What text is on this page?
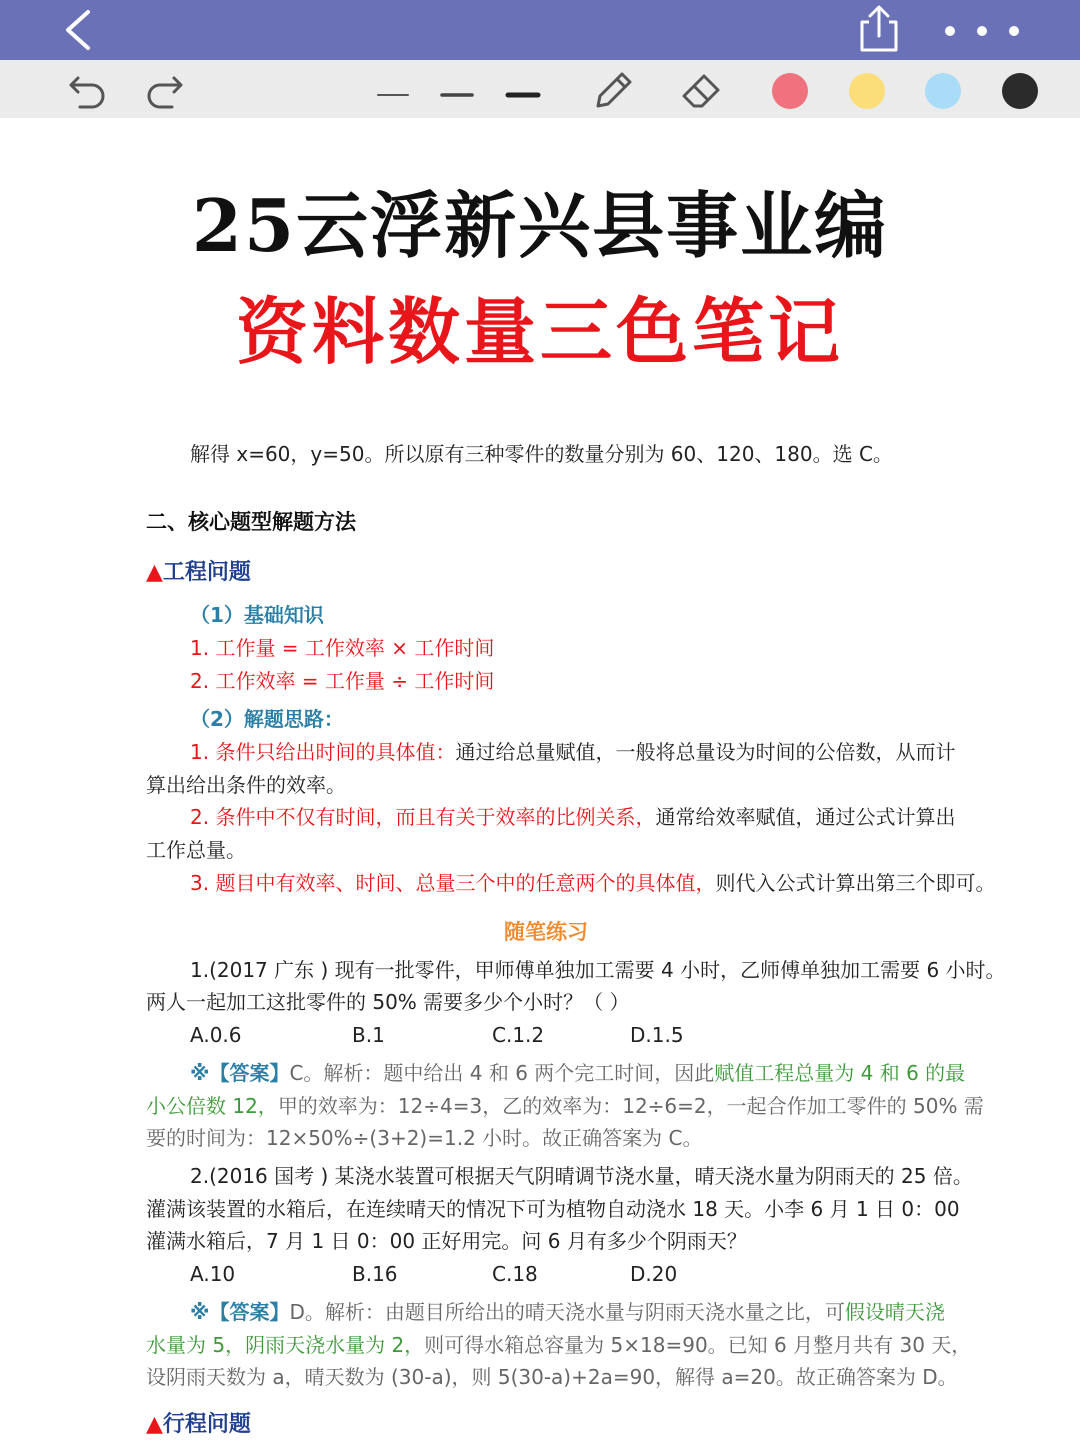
25云浮新兴县事业编
资料数量三色笔记
解得 x=60，y=50。所以原有三种零件的数量分别为 60、120、180。选 C。
二、核心题型解题方法
▲工程问题
（1）基础知识
1. 工作量 = 工作效率 × 工作时间
2. 工作效率 = 工作量 ÷ 工作时间
（2）解题思路：
1. 条件只给出时间的具体值：通过给总量赋值，一般将总量设为时间的公倍数，从而计
算出给出条件的效率。
2. 条件中不仅有时间，而且有关于效率的比例关系，通常给效率赋值，通过公式计算出
工作总量。
3. 题目中有效率、时间、总量三个中的任意两个的具体值，则代入公式计算出第三个即可。
随笔练习
1.(2017 广东 ) 现有一批零件，甲师傅单独加工需要 4 小时，乙师傅单独加工需要 6 小时。
两人一起加工这批零件的 50% 需要多少个小时？（ ）
A.0.6	B.1	C.1.2	D.1.5
※【答案】C。解析：题中给出 4 和 6 两个完工时间，因此赋值工程总量为 4 和 6 的最
小公倍数 12，甲的效率为：12÷4=3，乙的效率为：12÷6=2，一起合作加工零件的 50% 需
要的时间为：12×50%÷(3+2)=1.2 小时。故正确答案为 C。
2.(2016 国考 ) 某浇水装置可根据天气阴晴调节浇水量，晴天浇水量为阴雨天的 25 倍。
灌满该装置的水箱后，在连续晴天的情况下可为植物自动浇水 18 天。小李 6 月 1 日 0：00
灌满水箱后，7 月 1 日 0：00 正好用完。问 6 月有多少个阴雨天？
A.10	B.16	C.18	D.20
※【答案】D。解析：由题目所给出的晴天浇水量与阴雨天浇水量之比，可假设晴天浇
水量为 5，阴雨天浇水量为 2，则可得水箱总容量为 5×18=90。已知 6 月整月共有 30 天，
设阴雨天数为 a，晴天数为 (30-a)，则 5(30-a)+2a=90，解得 a=20。故正确答案为 D。
▲行程问题
